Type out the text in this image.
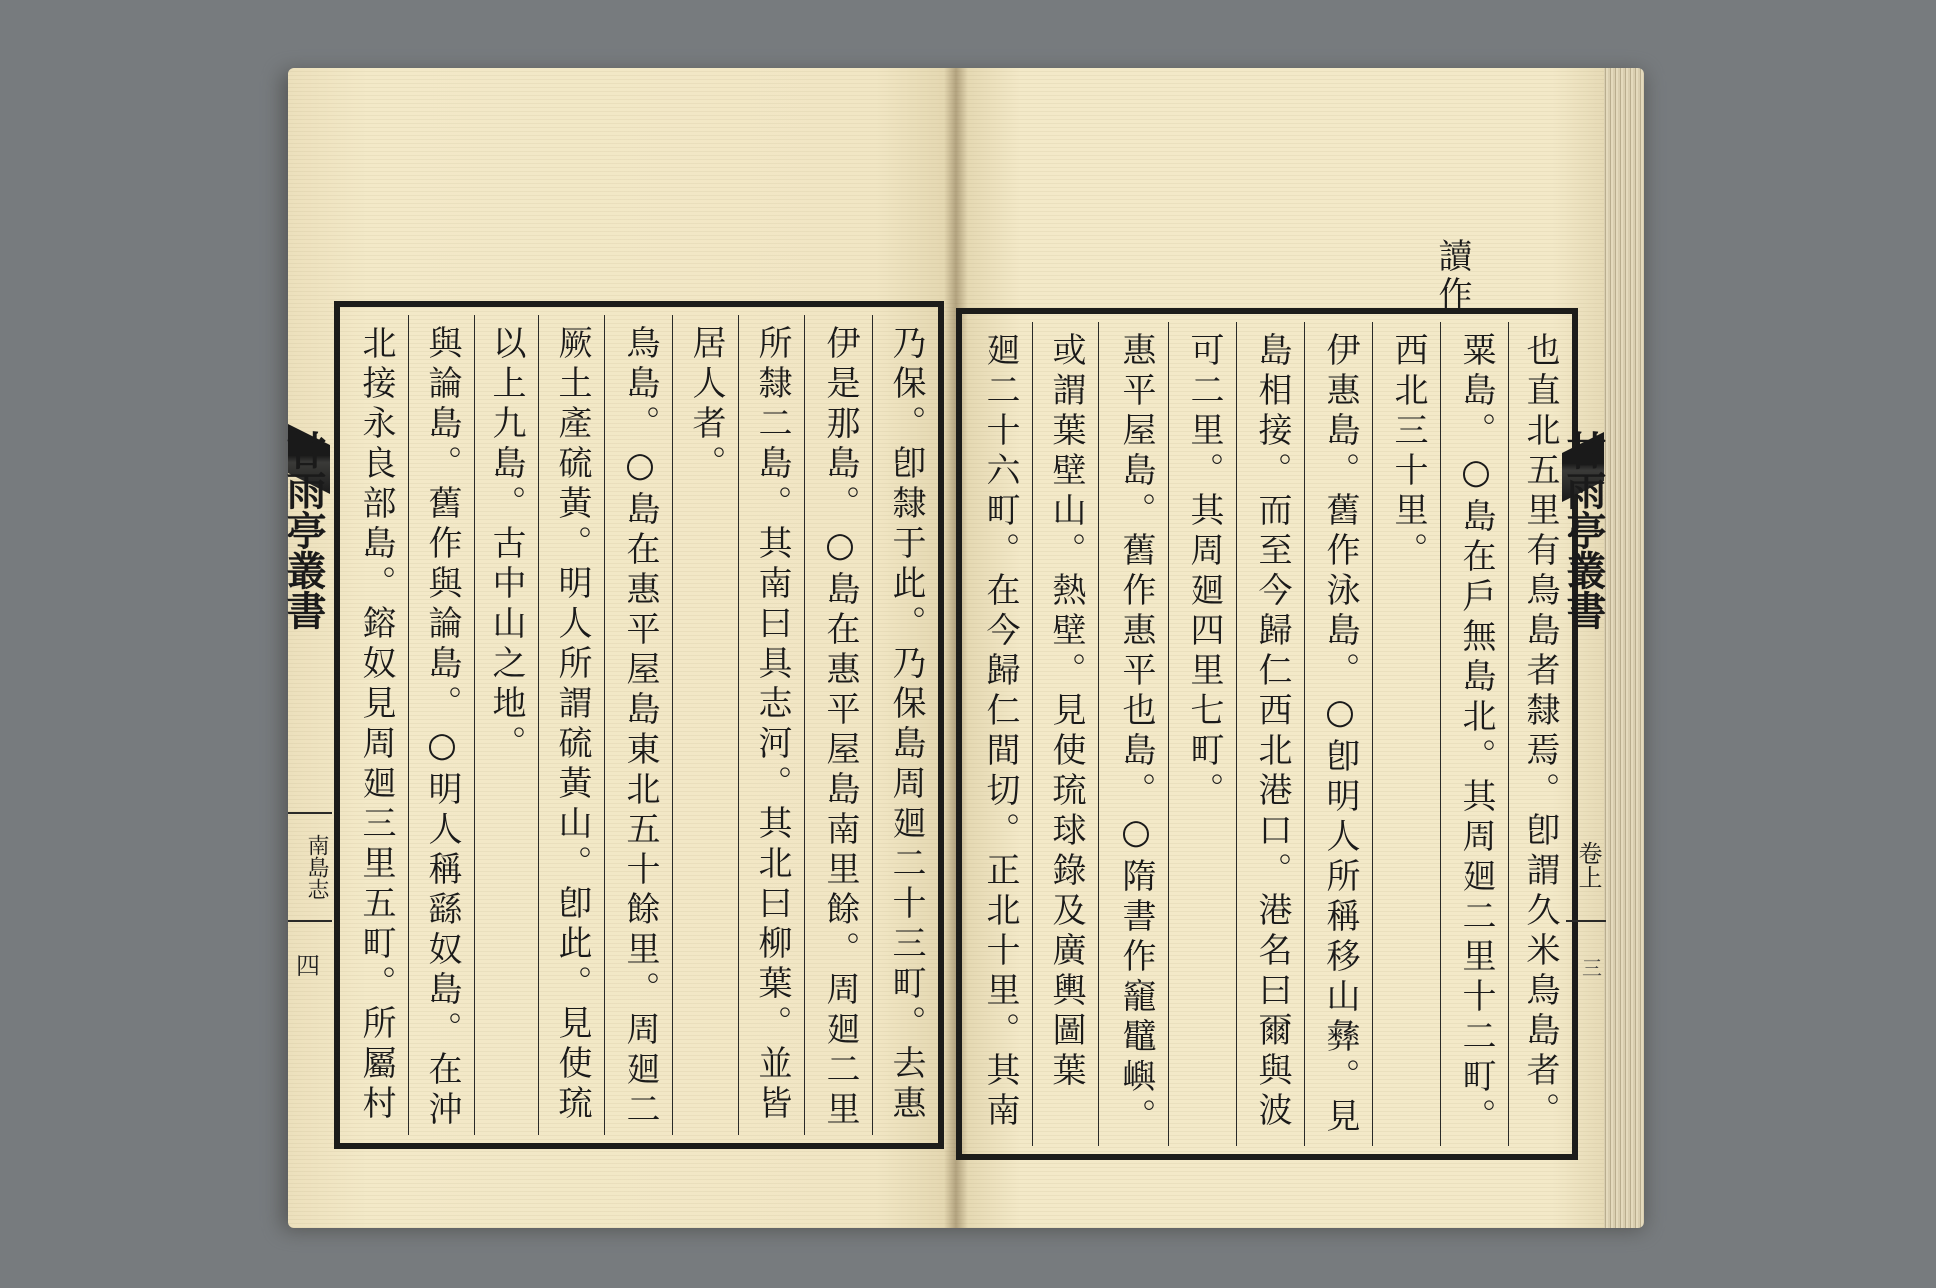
讀作
北接永良部島。鎔奴見周廻三里五町。所屬村
與論島。舊作與論島。○明人稱繇奴島。在沖
以上九島。古中山之地。 厥土產硫黃。明人所謂硫黃山。卽此。見使琉
鳥島。○島在惠平屋島東北五十餘里。周廻二
居人者。 所隸二島。其南曰具志河。其北曰柳葉。並皆
伊是那島。○島在惠平屋島南里餘。周廻二里
乃保。卽隸于此。乃保島周廻二十三町。去惠
廻二十六町。在今歸仁間切。正北十里。其南
或謂葉壁山。熱壁。見使琉球錄及廣輿圖葉
惠平屋島。舊作惠平也島。○隋書作竉鼊嶼。
可二里。其周廻四里七町。 島相接。而至今歸仁西北港口。港名曰爾與波
伊惠島。舊作泳島。○卽明人所稱移山彝。見
西北三十里。 粟島。○島在戶無島北。其周廻二里十二町。 也直北五里有鳥島者隸焉。卽謂久米鳥島者。
甘雨亭叢書
南島志
四
甘雨亭叢書
卷上
三
